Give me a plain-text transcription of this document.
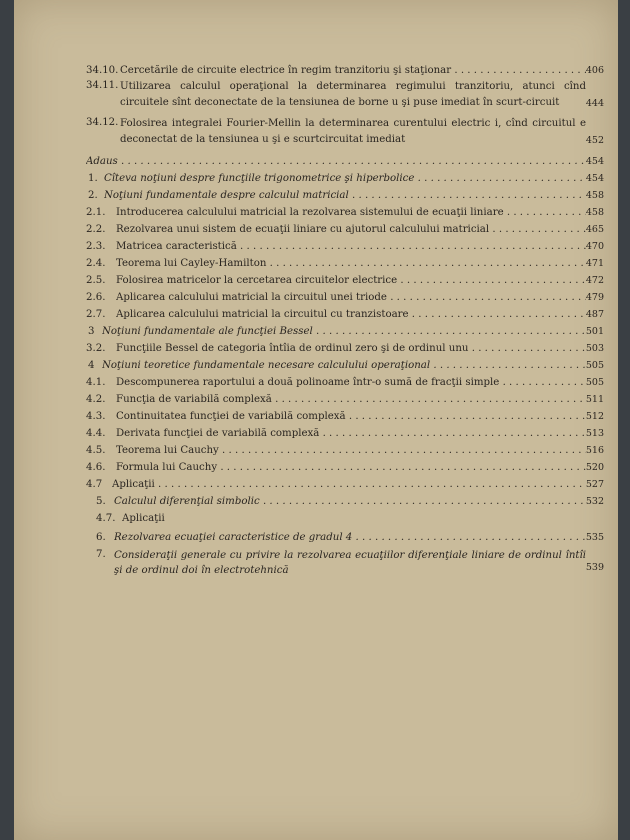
34.10. Cercetările de circuite electrice în regim tranzitoriu şi staţionar . . .	406
34.11. Utilizarea calculul operaţional la determinarea regimului tranzitoriu, atunci cînd circuitele sînt deconectate de la tensiunea de borne u şi puse imediat în scurt-circuit	444
34.12. Folosirea integralei Fourier-Mellin la determinarea curentului electric i, cînd circuitul e deconectat de la tensiunea u şi e scurtcircuitat imediat	452
Adaus . . .	454
1. Cîteva noţiuni despre funcţiile trigonometrice şi hiperbolice . . .	454
2. Noţiuni fundamentale despre calculul matricial . . .	458
2.1.	Introducerea calculului matricial la rezolvarea sistemului de ecuaţii liniare . . .	458
2.2.	Rezolvarea unui sistem de ecuaţii liniare cu ajutorul calculului matricial . . .	465
2.3.	Matricea caracteristică . . .	470
2.4.	Teorema lui Cayley-Hamilton . . .	471
2.5.	Folosirea matricelor la cercetarea circuitelor electrice . . .	472
2.6.	Aplicarea calculului matricial la circuitul unei triode . . .	479
2.7.	Aplicarea calculului matricial la circuitul cu tranzistoare . . .	487
3 Noţiuni fundamentale ale funcţiei Bessel . . .	501
3.2.	Funcţiile Bessel de categoria întîia de ordinul zero şi de ordinul unu . . .	503
4 Noţiuni teoretice fundamentale necesare calculului operaţional . . .	505
4.1.	Descompunerea raportului a două polinoame într-o sumă de fracţii simple . . .	505
4.2.	Funcţia de variabilă complexă . . .	511
4.3.	Continuitatea funcţiei de variabilă complexă . . .	512
4.4.	Derivata funcţiei de variabilă complexă . . .	513
4.5.	Teorema lui Cauchy . . .	516
4.6.	Formula lui Cauchy . . .	520
4.7 Aplicaţii . . .	527
5. Calculul diferenţial simbolic . . .	532
4.7. Aplicaţii
6. Rezolvarea ecuaţiei caracteristice de gradul 4 . . .	535
7. Consideraţii generale cu privire la rezolvarea ecuaţiilor diferenţiale liniare de ordinul întîi şi de ordinul doi în electrotehnică	539
